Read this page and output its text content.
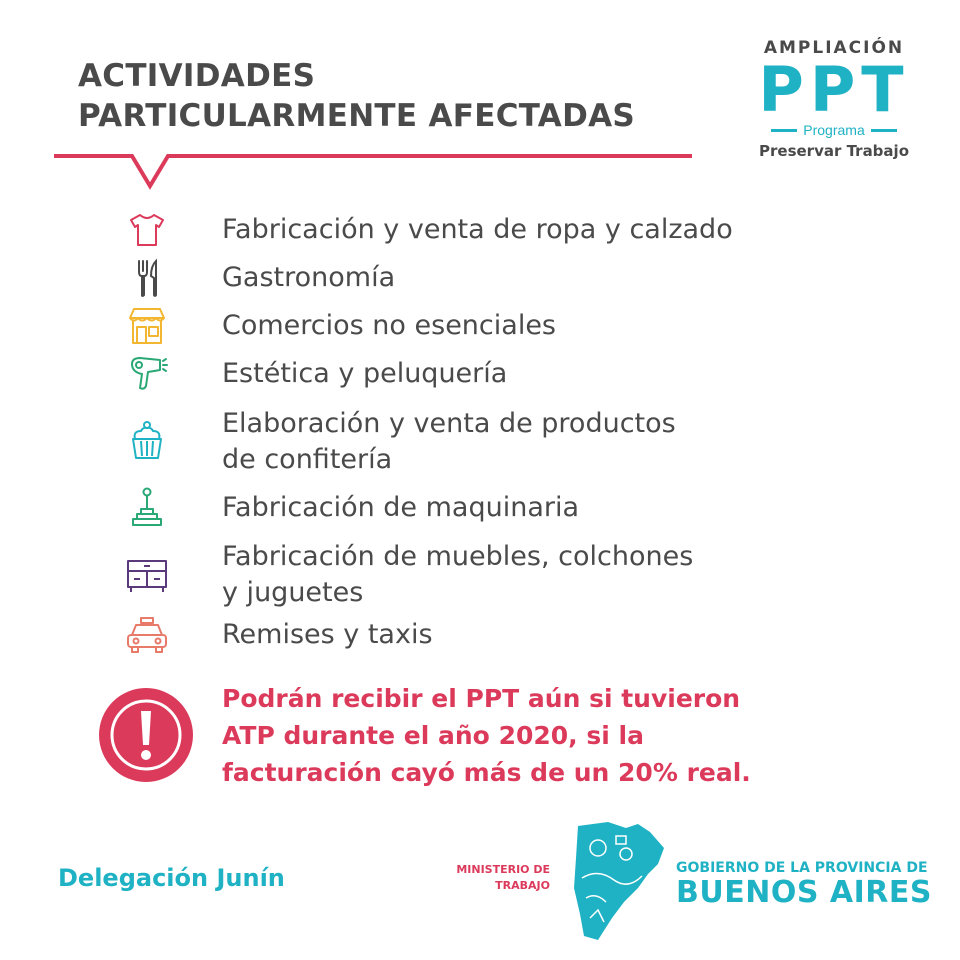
ACTIVIDADES
PARTICULARMENTE AFECTADAS
AMPLIACIÓN
PPT
Programa
Preservar Trabajo
Fabricación y venta de ropa y calzado
Gastronomía
Comercios no esenciales
Estética y peluquería
Elaboración y venta de productos
de confitería
Fabricación de maquinaria
Fabricación de muebles, colchones
y juguetes
Remises y taxis
Podrán recibir el PPT aún si tuvieron
ATP durante el año 2020, si la
facturación cayó más de un 20% real.
Delegación Junín	MINISTERIO DE
TRABAJO
GOBIERNO DE LA PROVINCIA DE
BUENOS AIRES
